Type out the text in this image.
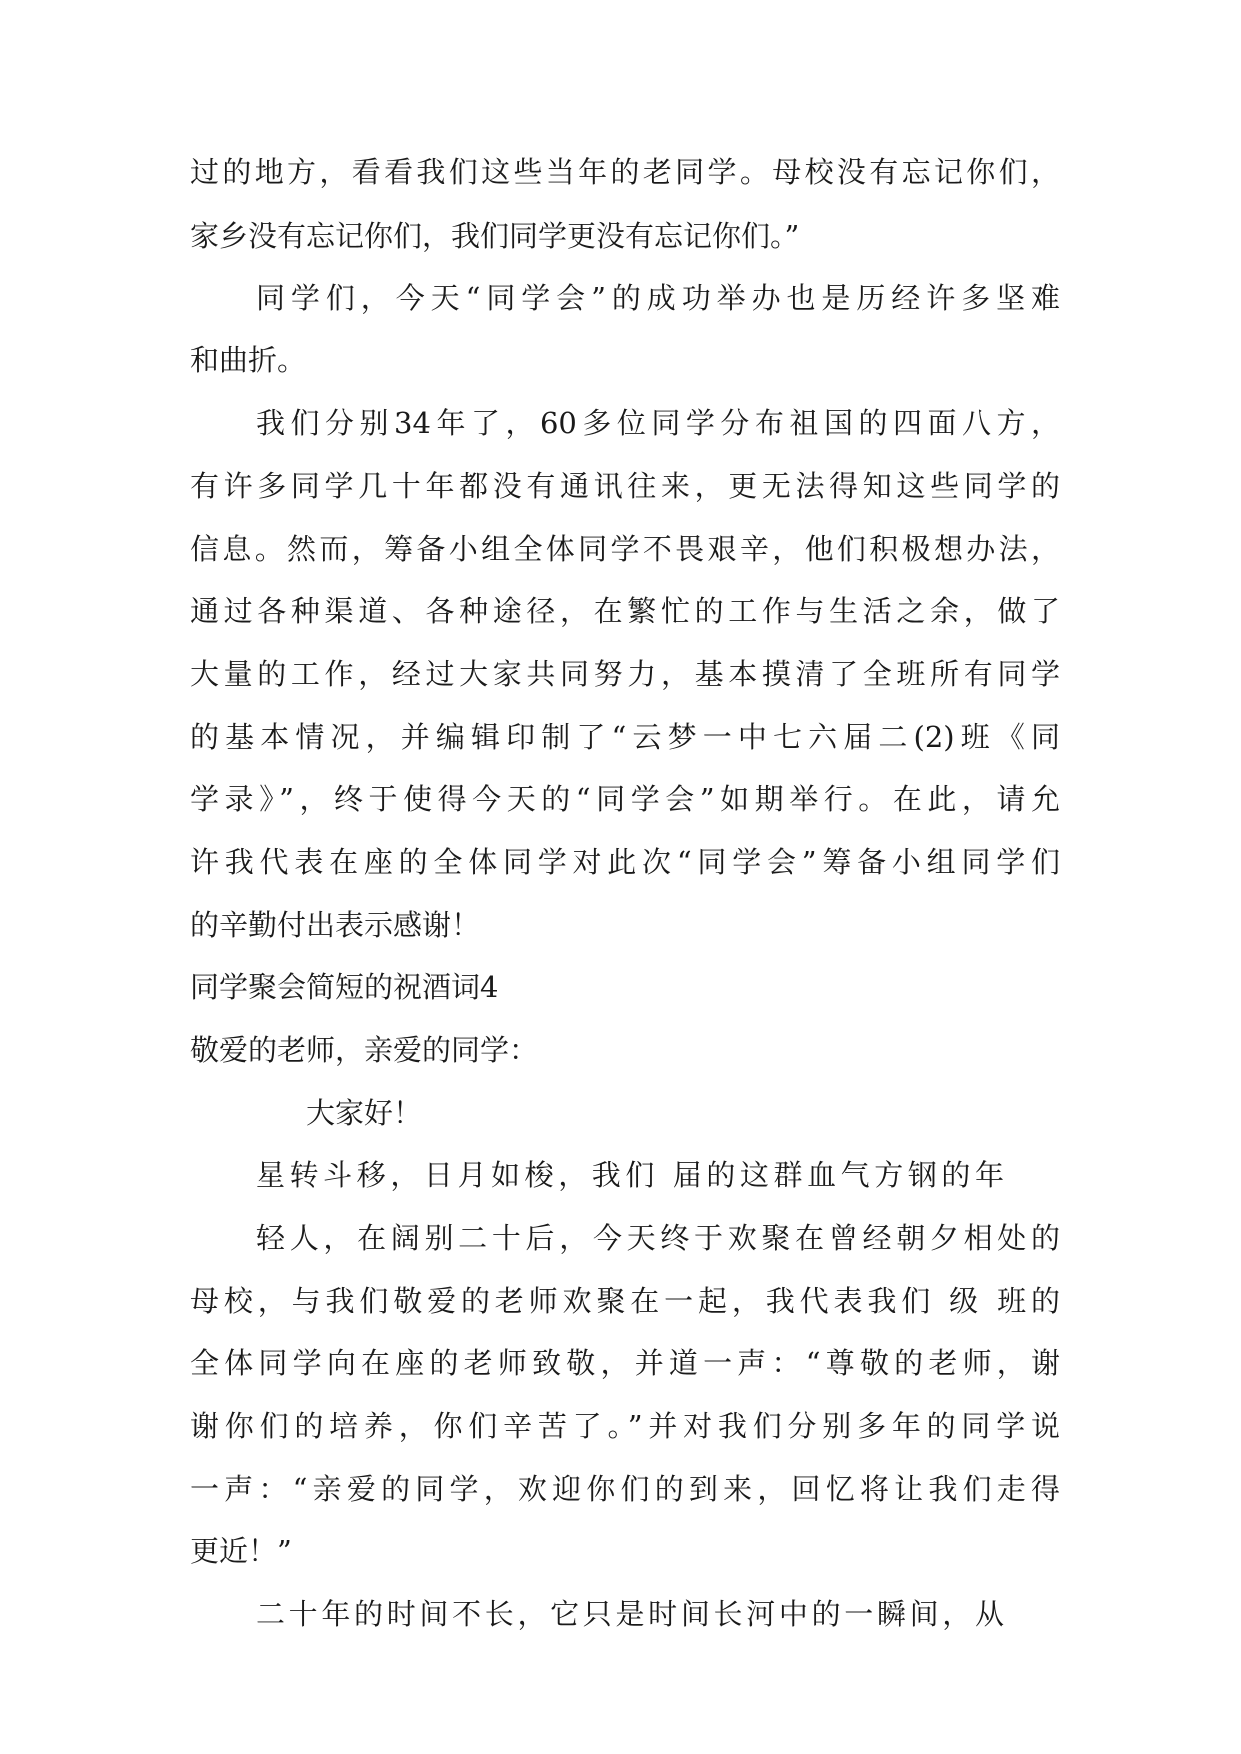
过的地方，看看我们这些当年的老同学。母校没有忘记你们，
家乡没有忘记你们，我们同学更没有忘记你们。”
同学们，今天“同学会”的成功举办也是历经许多坚难
和曲折。
我们分别34年了，60多位同学分布祖国的四面八方，
有许多同学几十年都没有通讯往来，更无法得知这些同学的
信息。然而，筹备小组全体同学不畏艰辛，他们积极想办法，
通过各种渠道、各种途径，在繁忙的工作与生活之余，做了
大量的工作，经过大家共同努力，基本摸清了全班所有同学
的基本情况，并编辑印制了“云梦一中七六届二(2)班《同
学录》”，终于使得今天的“同学会”如期举行。在此，请允
许我代表在座的全体同学对此次“同学会”筹备小组同学们
的辛勤付出表示感谢！
同学聚会简短的祝酒词4
敬爱的老师，亲爱的同学：
大家好！
星转斗移，日月如梭，我们 届的这群血气方钢的年
轻人，在阔别二十后，今天终于欢聚在曾经朝夕相处的
母校，与我们敬爱的老师欢聚在一起，我代表我们 级 班的
全体同学向在座的老师致敬，并道一声：“尊敬的老师，谢
谢你们的培养，你们辛苦了。”并对我们分别多年的同学说
一声：“亲爱的同学，欢迎你们的到来，回忆将让我们走得
更近！”
二十年的时间不长，它只是时间长河中的一瞬间，从
